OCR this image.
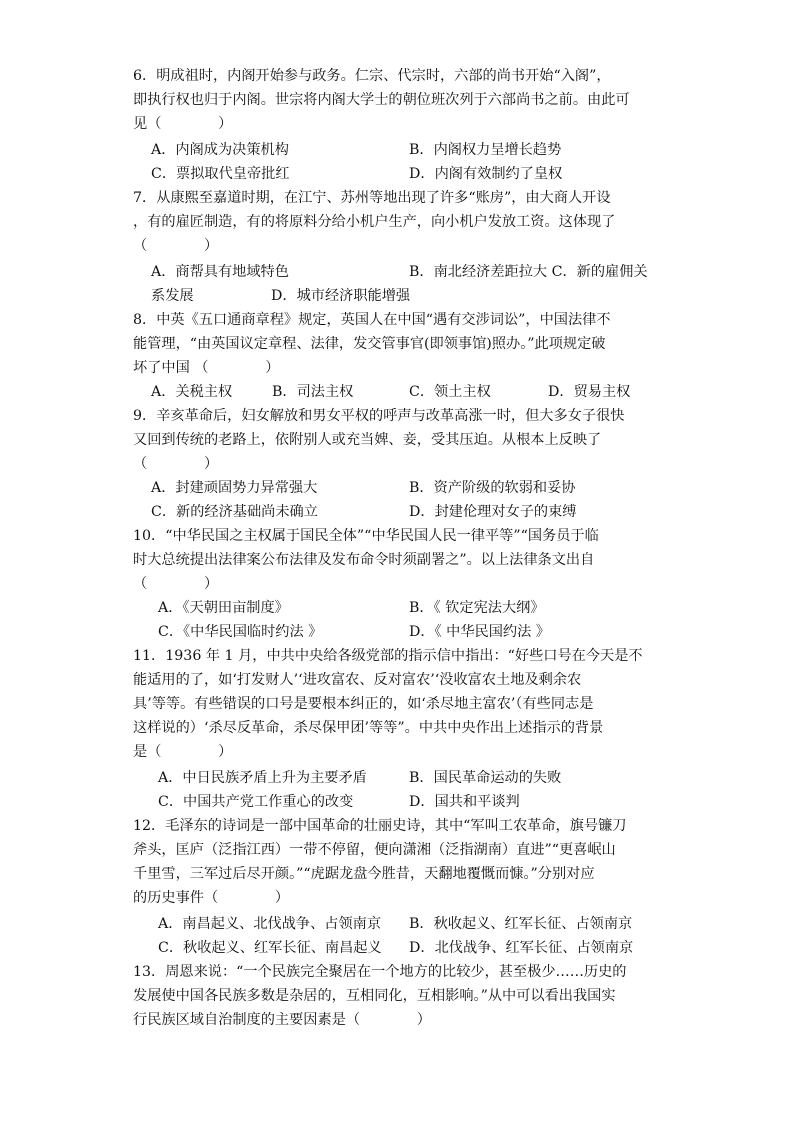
6．明成祖时，内阁开始参与政务。仁宗、代宗时，六部的尚书开始“入阁”，
即执行权也归于内阁。世宗将内阁大学士的朝位班次列于六部尚书之前。由此可
见（　　　　）
A．内阁成为决策机构	B．内阁权力呈增长趋势
C．票拟取代皇帝批红	D．内阁有效制约了皇权
7．从康熙至嘉道时期，在江宁、苏州等地出现了许多“账房”，由大商人开设
，有的雇匠制造，有的将原料分给小机户生产，向小机户发放工资。这体现了
（　　　　）
A．商帮具有地域特色	B．南北经济差距拉大 C．新的雇佣关
系发展	D．城市经济职能增强
8．中英《五口通商章程》规定，英国人在中国“遇有交涉词讼”，中国法律不
能管理，“由英国议定章程、法律，发交管事官(即领事馆)照办。”此项规定破
坏了中国 （　　　　）
A．关税主权	B．司法主权	C．领土主权	D．贸易主权
9．辛亥革命后，妇女解放和男女平权的呼声与改革高涨一时，但大多女子很快
又回到传统的老路上，依附别人或充当婢、妾，受其压迫。从根本上反映了
（　　　　）
A．封建顽固势力异常强大	B．资产阶级的软弱和妥协
C．新的经济基础尚未确立	D．封建伦理对女子的束缚
10．“中华民国之主权属于国民全体”“中华民国人民一律平等”“国务员于临
时大总统提出法律案公布法律及发布命令时须副署之”。以上法律条文出自
（　　　　）
A．《天朝田亩制度》	B．《 钦定宪法大纲》
C．《中华民国临时约法 》	D．《 中华民国约法 》
11．1936 年 1 月，中共中央给各级党部的指示信中指出：“好些口号在今天是不
能适用的了，如‘打发财人’‘进攻富农、反对富农’‘没收富农土地及剩余农
具’等等。有些错误的口号是要根本纠正的，如‘杀尽地主富农’（有些同志是
这样说的）‘杀尽反革命，杀尽保甲团’等等”。中共中央作出上述指示的背景
是（　　　　）
A．中日民族矛盾上升为主要矛盾	B．国民革命运动的失败
C．中国共产党工作重心的改变	D．国共和平谈判
12．毛泽东的诗词是一部中国革命的壮丽史诗，其中“军叫工农革命，旗号镰刀
斧头，匡庐（泛指江西）一带不停留，便向潇湘（泛指湖南）直进”“更喜岷山
千里雪，三军过后尽开颜。”“虎踞龙盘今胜昔，天翻地覆慨而慷。”分别对应
的历史事件（　　　　）
A．南昌起义、北伐战争、占领南京 B．秋收起义、红军长征、占领南京
C．秋收起义、红军长征、南昌起义 D．北伐战争、红军长征、占领南京
13．周恩来说：“一个民族完全聚居在一个地方的比较少，甚至极少……历史的
发展使中国各民族多数是杂居的，互相同化，互相影响。”从中可以看出我国实
行民族区域自治制度的主要因素是（　　　　）
